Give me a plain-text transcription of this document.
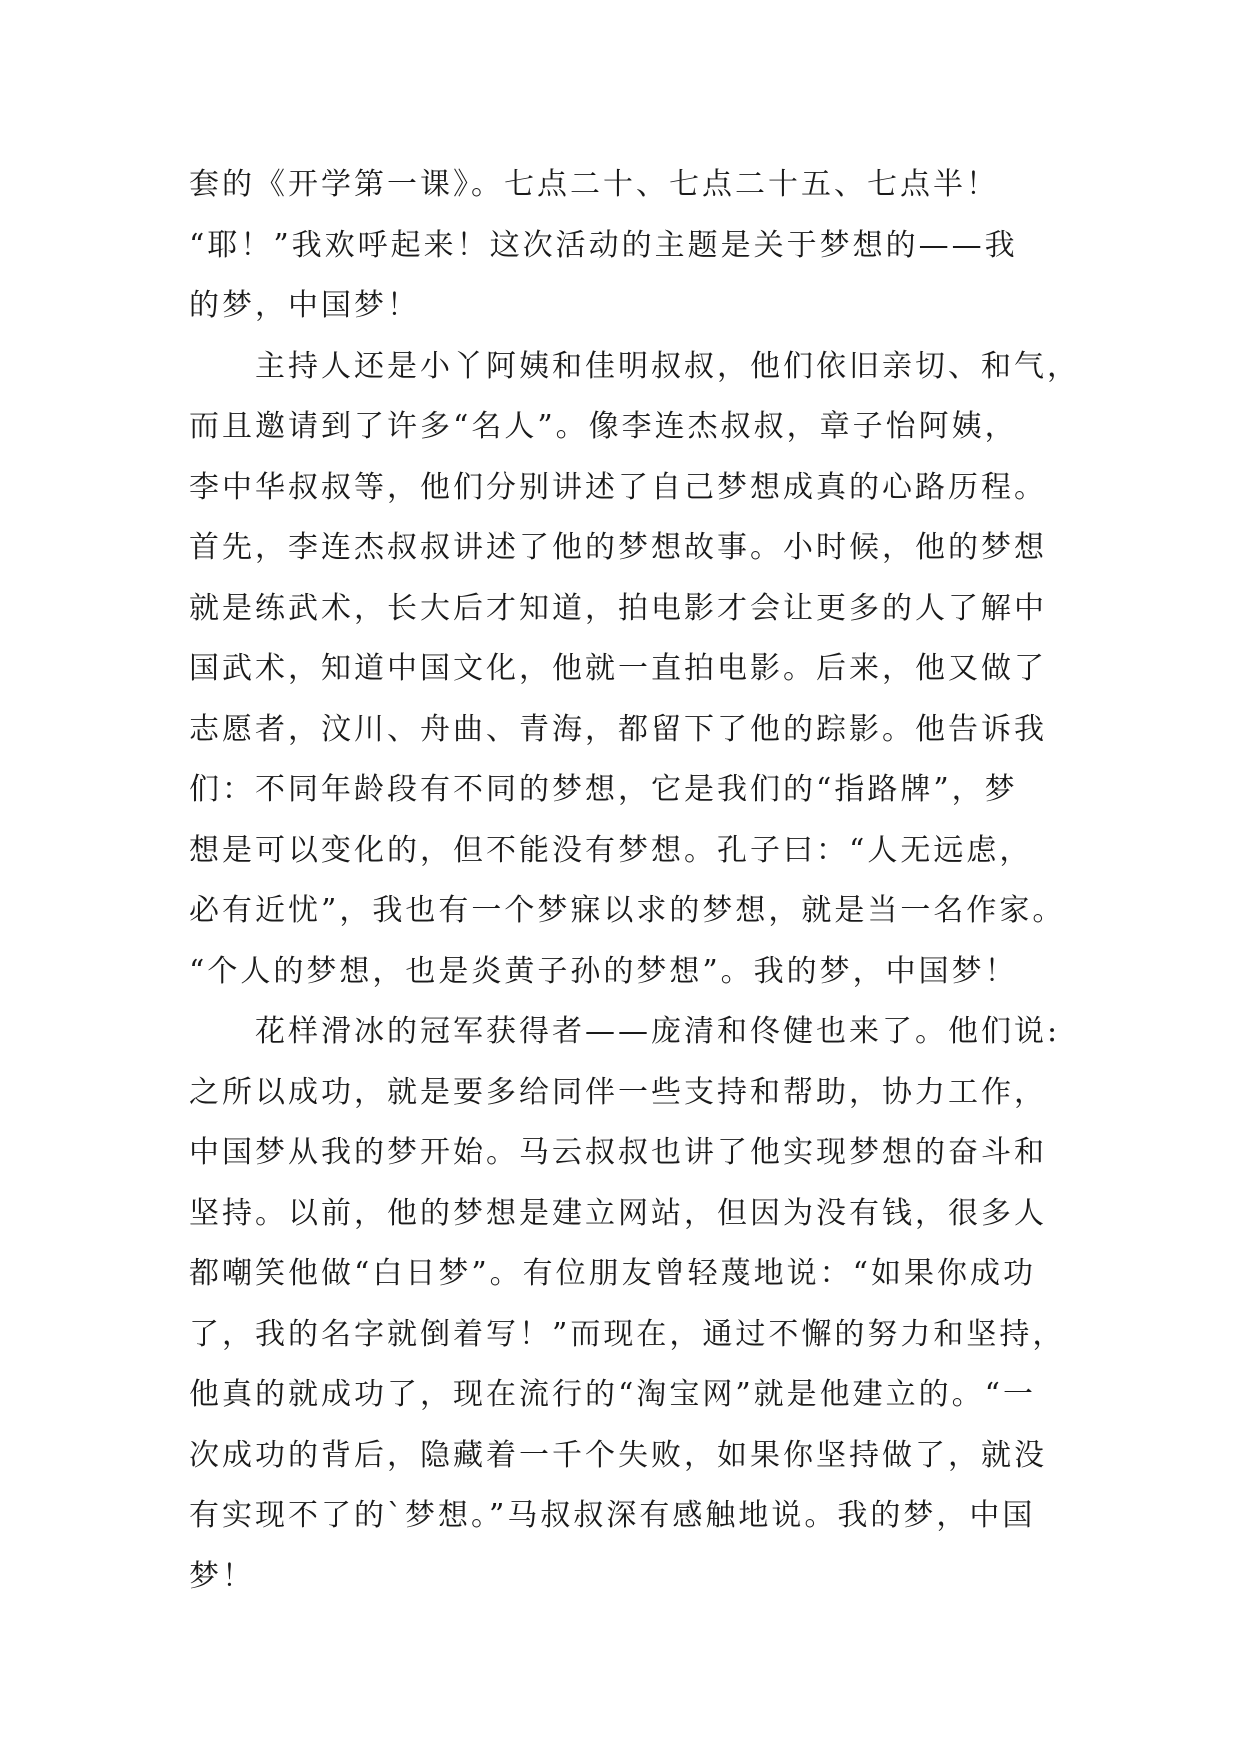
套的《开学第一课》。七点二十、七点二十五、七点半！
“耶！”我欢呼起来！这次活动的主题是关于梦想的——我
的梦，中国梦！
　　主持人还是小丫阿姨和佳明叔叔，他们依旧亲切、和气，
而且邀请到了许多“名人”。像李连杰叔叔，章子怡阿姨，
李中华叔叔等，他们分别讲述了自己梦想成真的心路历程。
首先，李连杰叔叔讲述了他的梦想故事。小时候，他的梦想
就是练武术，长大后才知道，拍电影才会让更多的人了解中
国武术，知道中国文化，他就一直拍电影。后来，他又做了
志愿者，汶川、舟曲、青海，都留下了他的踪影。他告诉我
们：不同年龄段有不同的梦想，它是我们的“指路牌”，梦
想是可以变化的，但不能没有梦想。孔子曰：“人无远虑，
必有近忧”，我也有一个梦寐以求的梦想，就是当一名作家。
“个人的梦想，也是炎黄子孙的梦想”。我的梦，中国梦！
　　花样滑冰的冠军获得者——庞清和佟健也来了。他们说:
之所以成功，就是要多给同伴一些支持和帮助，协力工作，
中国梦从我的梦开始。马云叔叔也讲了他实现梦想的奋斗和
坚持。以前，他的梦想是建立网站，但因为没有钱，很多人
都嘲笑他做“白日梦”。有位朋友曾轻蔑地说：“如果你成功
了，我的名字就倒着写！”而现在，通过不懈的努力和坚持，
他真的就成功了，现在流行的“淘宝网”就是他建立的。“一
次成功的背后，隐藏着一千个失败，如果你坚持做了，就没
有实现不了的`梦想。”马叔叔深有感触地说。我的梦，中国
梦！
